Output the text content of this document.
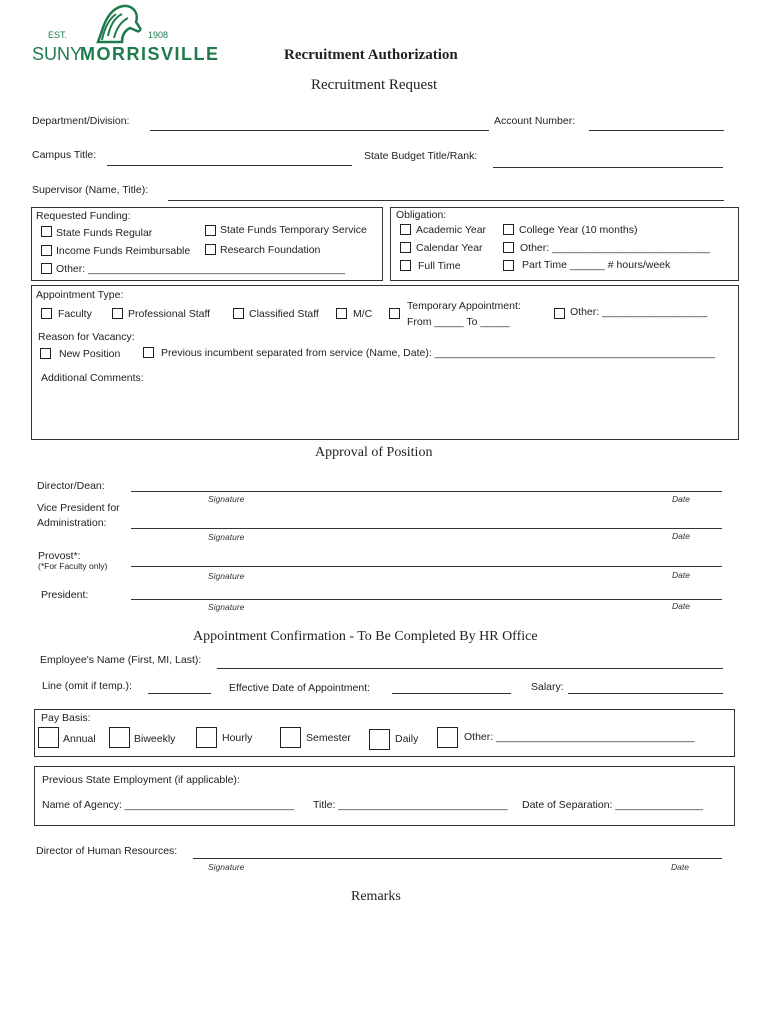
EST.	1908
SUNY
MORRISVILLE	Recruitment Authorization
Recruitment Request
Department/Division:	Account Number:
Campus Title:	State Budget Title/Rank:
Supervisor (Name, Title):
Requested Funding:
State Funds Regular	State Funds Temporary Service
Income Funds Reimbursable	Research Foundation
Other: ____________________________________________
Obligation:
Academic Year	College Year (10 months)
Calendar Year	Other: ___________________________
Full Time	Part Time ______ # hours/week
Appointment Type:
Faculty	Professional Staff	Classified Staff	M/C
Temporary Appointment:
From _____ To _____
Other: __________________
Reason for Vacancy:
New Position	Previous incumbent separated from service (Name, Date): ________________________________________________
Additional Comments:
Approval of Position
Director/Dean:
Signature	Date
Vice President for
Administration:
Signature	Date
Provost*:
(*For Faculty only)
Signature	Date
President:
Signature	Date
Appointment Confirmation - To Be Completed By HR Office
Employee's Name (First, MI, Last):
Line (omit if temp.):	Effective Date of Appointment:	Salary:
Pay Basis:
Annual	Biweekly	Hourly	Semester	Daily	Other: __________________________________
Previous State Employment (if applicable):
Name of Agency: _____________________________ Title: _____________________________ Date of Separation: _______________
Director of Human Resources:
Signature	Date
Remarks
